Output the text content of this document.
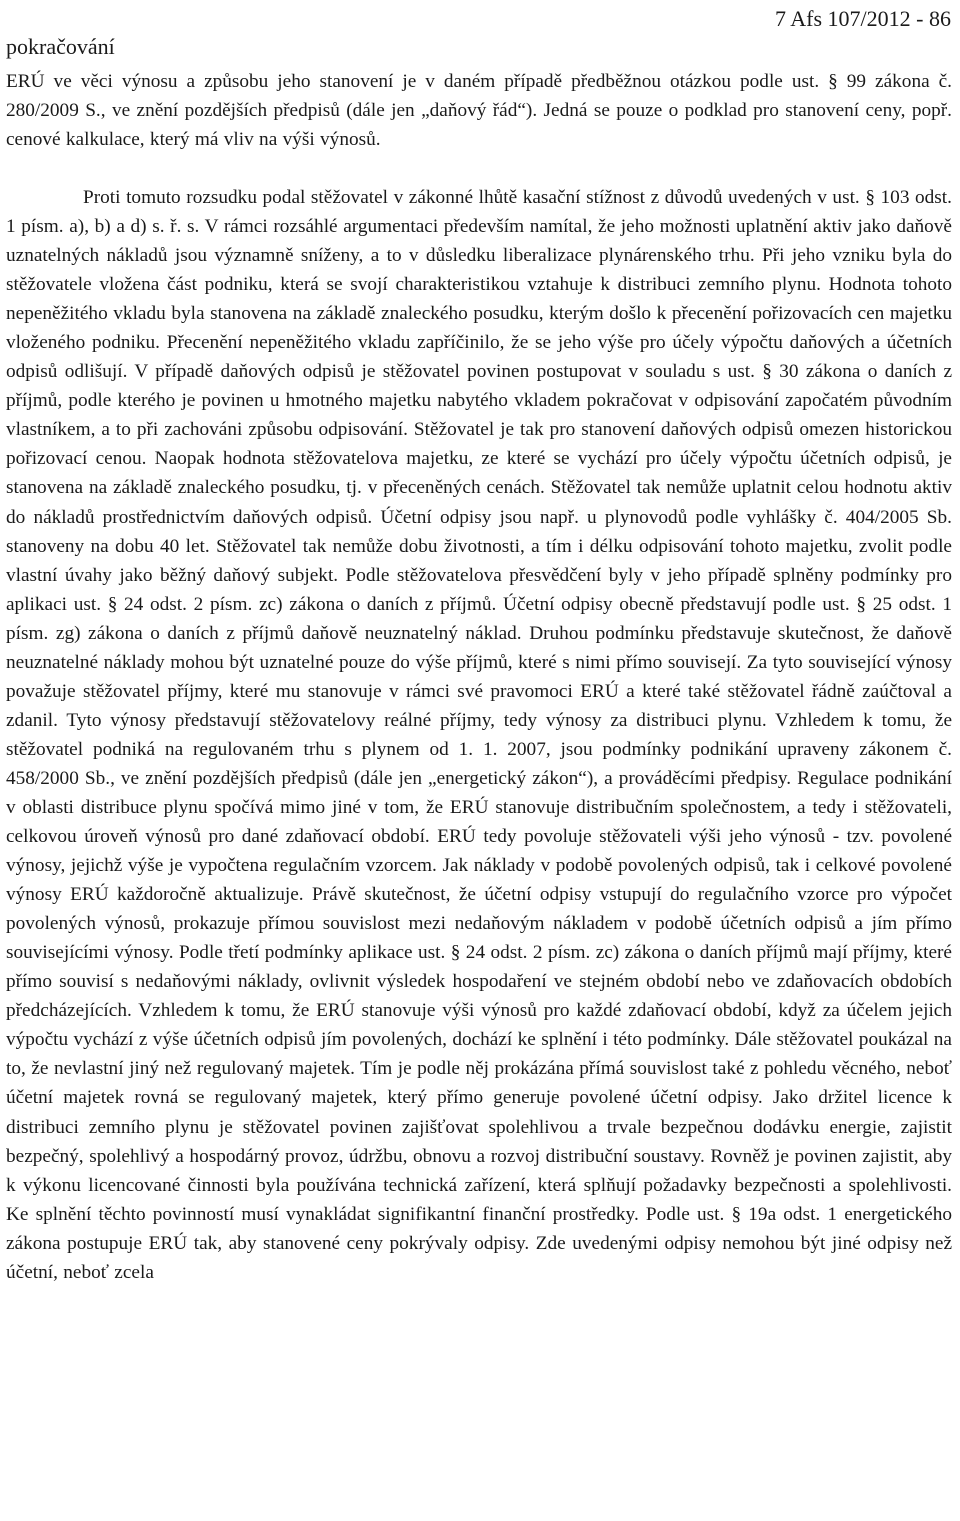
pokračování
7 Afs 107/2012 - 86

ERÚ ve věci výnosu a způsobu jeho stanovení je v daném případě předběžnou otázkou podle ust. § 99 zákona č. 280/2009 S., ve znění pozdějších předpisů (dále jen „daňový řád“). Jedná se pouze o podklad pro stanovení ceny, popř. cenové kalkulace, který má vliv na výši výnosů.

Proti tomuto rozsudku podal stěžovatel v zákonné lhůtě kasační stížnost z důvodů uvedených v ust. § 103 odst. 1 písm. a), b) a d) s. ř. s. V rámci rozsáhlé argumentaci především namítal, že jeho možnosti uplatnění aktiv jako daňově uznatelných nákladů jsou významně sníženy, a to v důsledku liberalizace plynárenského trhu. Při jeho vzniku byla do stěžovatele vložena část podniku, která se svojí charakteristikou vztahuje k distribuci zemního plynu. Hodnota tohoto nepeněžitého vkladu byla stanovena na základě znaleckého posudku, kterým došlo k přecenění pořizovacích cen majetku vloženého podniku. Přecenění nepeněžitého vkladu zapříčinilo, že se jeho výše pro účely výpočtu daňových a účetních odpisů odlišují. V případě daňových odpisů je stěžovatel povinen postupovat v souladu s ust. § 30 zákona o daních z příjmů, podle kterého je povinen u hmotného majetku nabytého vkladem pokračovat v odpisování započatém původním vlastníkem, a to při zachováni způsobu odpisování. Stěžovatel je tak pro stanovení daňových odpisů omezen historickou pořizovací cenou. Naopak hodnota stěžovatelova majetku, ze které se vychází pro účely výpočtu účetních odpisů, je stanovena na základě znaleckého posudku, tj. v přeceněných cenách. Stěžovatel tak nemůže uplatnit celou hodnotu aktiv do nákladů prostřednictvím daňových odpisů. Účetní odpisy jsou např. u plynovodů podle vyhlášky č. 404/2005 Sb. stanoveny na dobu 40 let. Stěžovatel tak nemůže dobu životnosti, a tím i délku odpisování tohoto majetku, zvolit podle vlastní úvahy jako běžný daňový subjekt. Podle stěžovatelova přesvědčení byly v jeho případě splněny podmínky pro aplikaci ust. § 24 odst. 2 písm. zc) zákona o daních z příjmů. Účetní odpisy obecně představují podle ust. § 25 odst. 1 písm. zg) zákona o daních z příjmů daňově neuznatelný náklad. Druhou podmínku představuje skutečnost, že daňově neuznatelné náklady mohou být uznatelné pouze do výše příjmů, které s nimi přímo souvisejí. Za tyto související výnosy považuje stěžovatel příjmy, které mu stanovuje v rámci své pravomoci ERÚ a které také stěžovatel řádně zaúčtoval a zdanil. Tyto výnosy představují stěžovatelovy reálné příjmy, tedy výnosy za distribuci plynu. Vzhledem k tomu, že stěžovatel podniká na regulovaném trhu s plynem od 1. 1. 2007, jsou podmínky podnikání upraveny zákonem č. 458/2000 Sb., ve znění pozdějších předpisů (dále jen „energetický zákon“), a prováděcími předpisy. Regulace podnikání v oblasti distribuce plynu spočívá mimo jiné v tom, že ERÚ stanovuje distribučním společnostem, a tedy i stěžovateli, celkovou úroveň výnosů pro dané zdaňovací období. ERÚ tedy povoluje stěžovateli výši jeho výnosů - tzv. povolené výnosy, jejichž výše je vypočtena regulačním vzorcem. Jak náklady v podobě povolených odpisů, tak i celkové povolené výnosy ERÚ každoročně aktualizuje. Právě skutečnost, že účetní odpisy vstupují do regulačního vzorce pro výpočet povolených výnosů, prokazuje přímou souvislost mezi nedaňovým nákladem v podobě účetních odpisů a jím přímo souvisejícími výnosy. Podle třetí podmínky aplikace ust. § 24 odst. 2 písm. zc) zákona o daních příjmů mají příjmy, které přímo souvisí s nedaňovými náklady, ovlivnit výsledek hospodaření ve stejném období nebo ve zdaňovacích obdobích předcházejících. Vzhledem k tomu, že ERÚ stanovuje výši výnosů pro každé zdaňovací období, když za účelem jejich výpočtu vychází z výše účetních odpisů jím povolených, dochází ke splnění i této podmínky. Dále stěžovatel poukázal na to, že nevlastní jiný než regulovaný majetek. Tím je podle něj prokázána přímá souvislost také z pohledu věcného, neboť účetní majetek rovná se regulovaný majetek, který přímo generuje povolené účetní odpisy. Jako držitel licence k distribuci zemního plynu je stěžovatel povinen zajišťovat spolehlivou a trvale bezpečnou dodávku energie, zajistit bezpečný, spolehlivý a hospodárný provoz, údržbu, obnovu a rozvoj distribuční soustavy. Rovněž je povinen zajistit, aby k výkonu licencované činnosti byla používána technická zařízení, která splňují požadavky bezpečnosti a spolehlivosti. Ke splnění těchto povinností musí vynakládat signifikantní finanční prostředky. Podle ust. § 19a odst. 1 energetického zákona postupuje ERÚ tak, aby stanovené ceny pokrývaly odpisy. Zde uvedenými odpisy nemohou být jiné odpisy než účetní, neboť zcela
